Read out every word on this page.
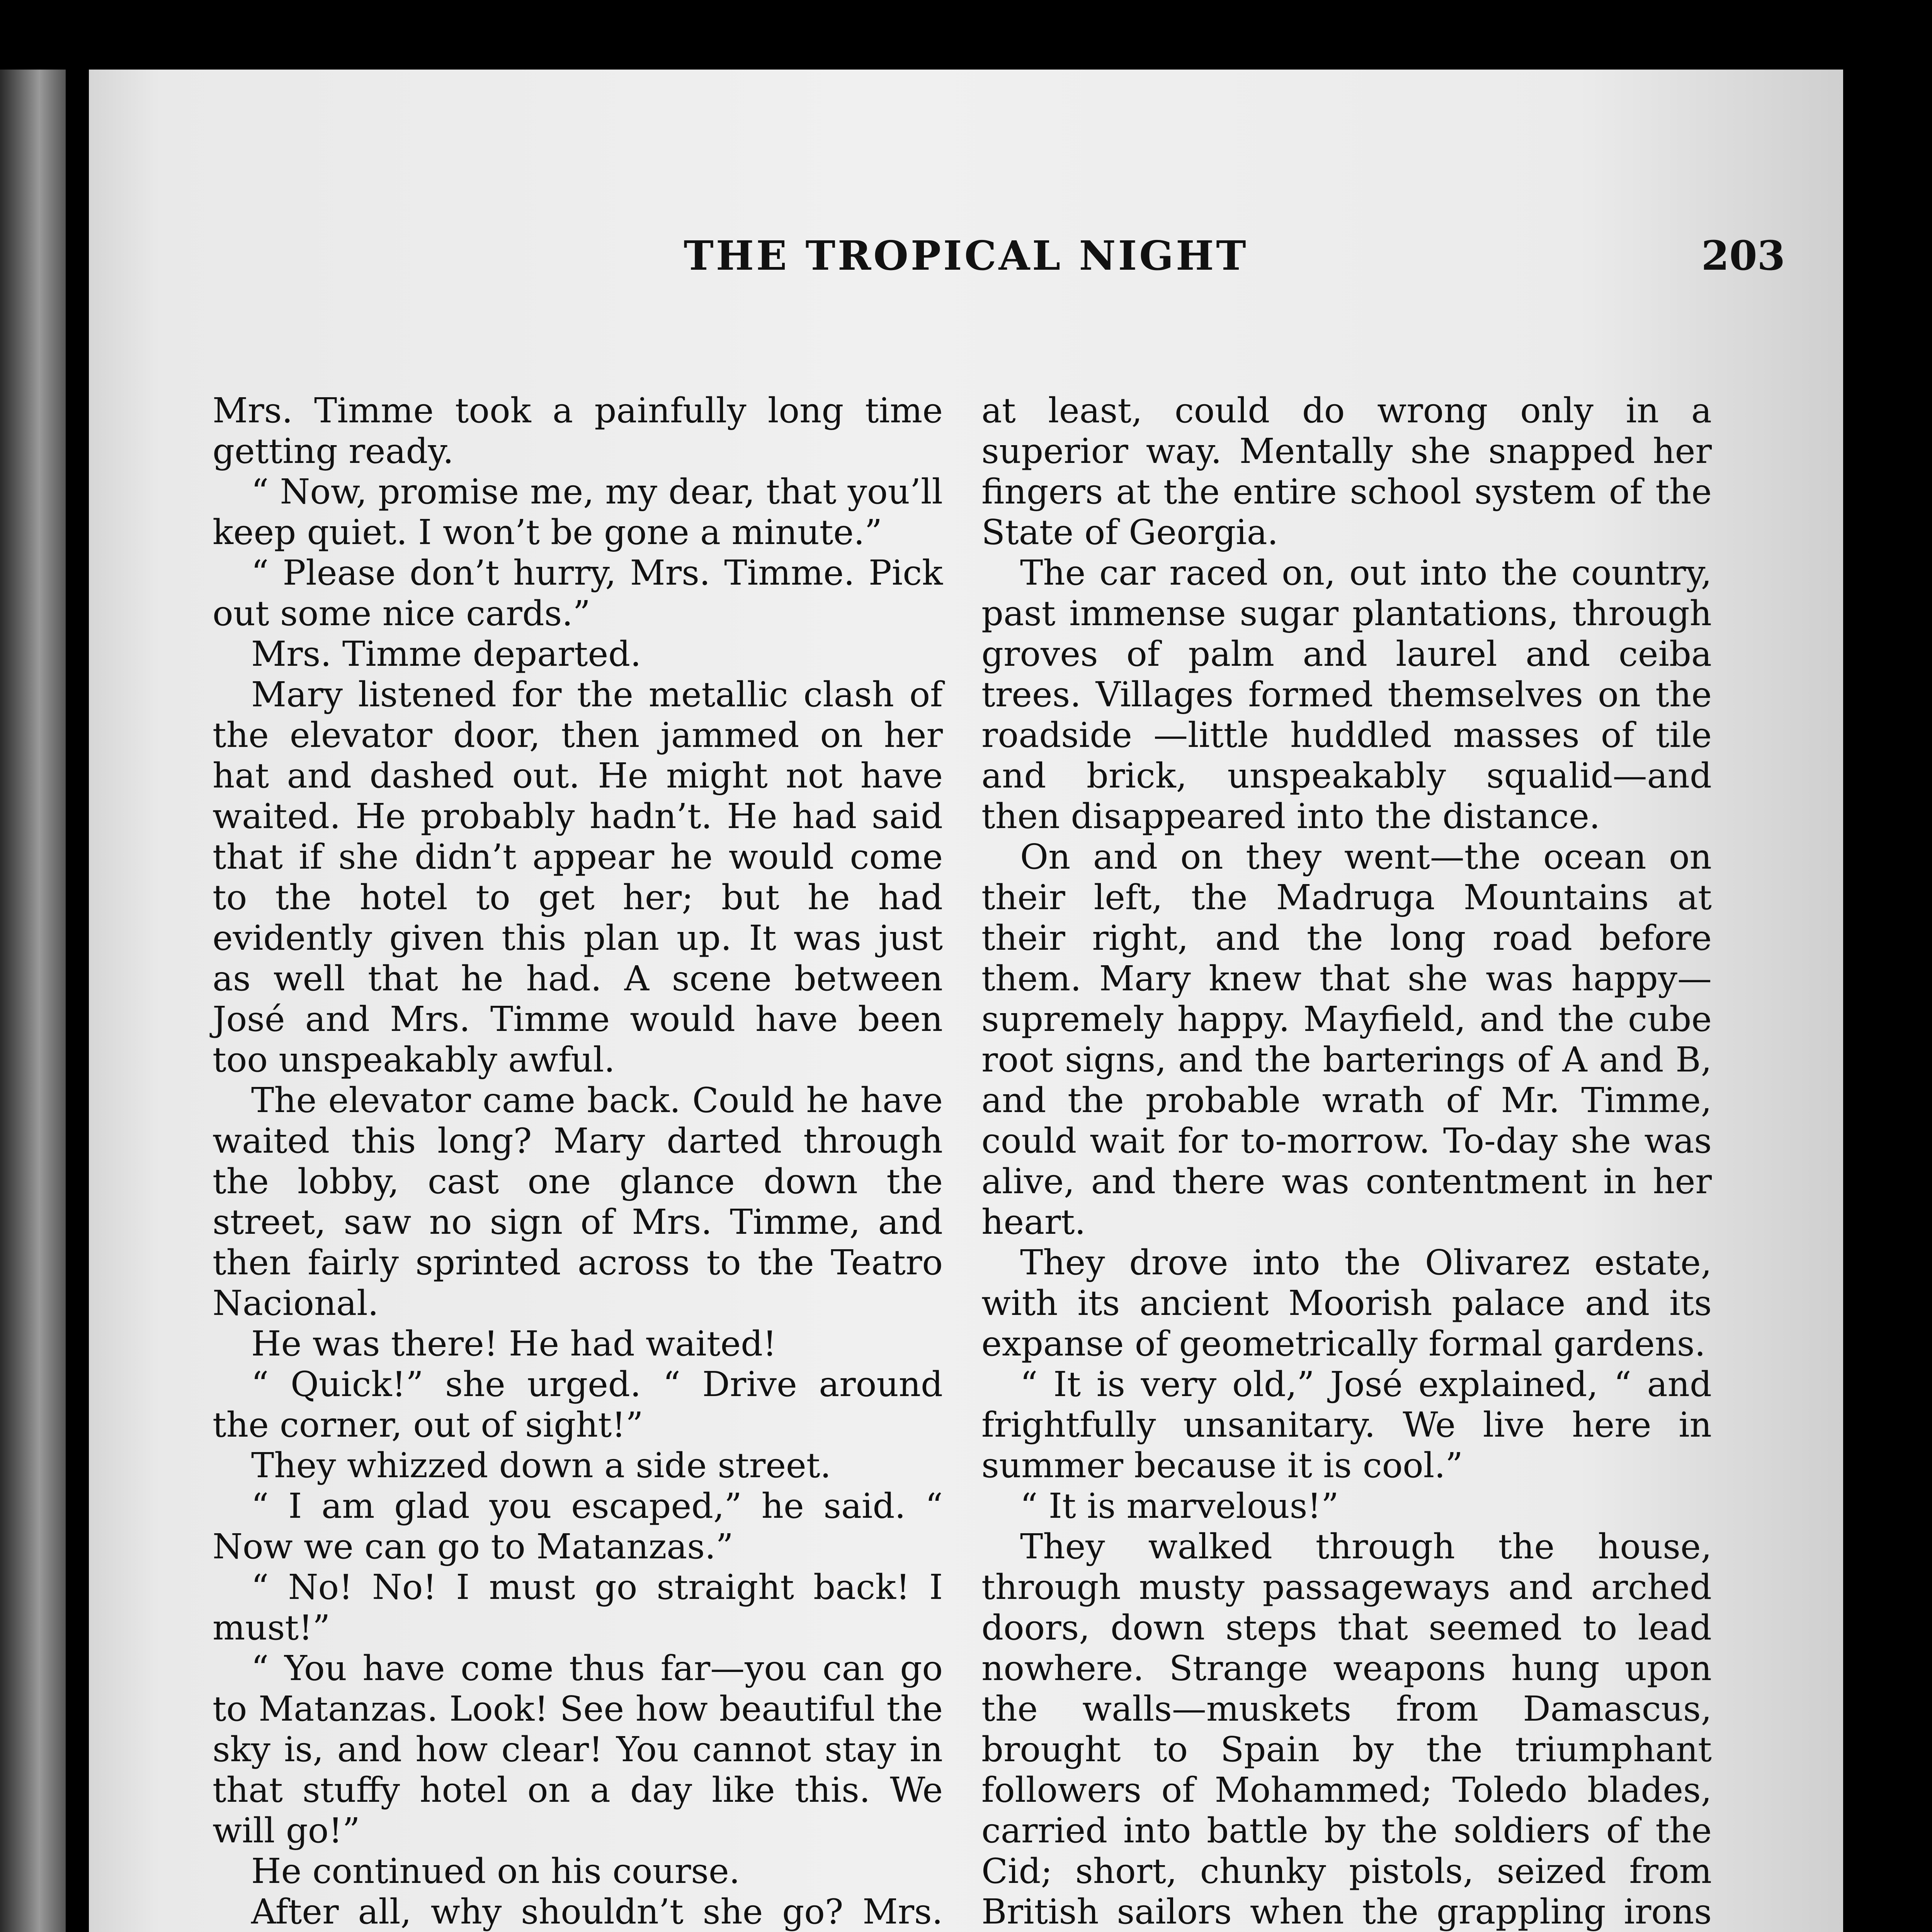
THE TROPICAL NIGHT	203

Mrs. Timme took a painfully long time getting ready.

“ Now, promise me, my dear, that you’ll keep quiet. I won’t be gone a minute.”

“ Please don’t hurry, Mrs. Timme. Pick out some nice cards.”

Mrs. Timme departed.

Mary listened for the metallic clash of the elevator door, then jammed on her hat and dashed out. He might not have waited. He probably hadn’t. He had said that if she didn’t appear he would come to the hotel to get her; but he had evidently given this plan up. It was just as well that he had. A scene between José and Mrs. Timme would have been too unspeakably awful.

The elevator came back. Could he have waited this long? Mary darted through the lobby, cast one glance down the street, saw no sign of Mrs. Timme, and then fairly sprinted across to the Teatro Nacional.

He was there! He had waited!

“ Quick!” she urged. “ Drive around the corner, out of sight!”

They whizzed down a side street.

“ I am glad you escaped,” he said. “ Now we can go to Matanzas.”

“ No! No! I must go straight back! I must!”

“ You have come thus far—you can go to Matanzas. Look! See how beautiful the sky is, and how clear! You cannot stay in that stuffy hotel on a day like this. We will go!”

He continued on his course.

After all, why shouldn’t she go? Mrs.

at least, could do wrong only in a superior way. Mentally she snapped her fingers at the entire school system of the State of Georgia.

The car raced on, out into the country, past immense sugar plantations, through groves of palm and laurel and ceiba trees. Villages formed themselves on the roadside —little huddled masses of tile and brick, unspeakably squalid—and then disappeared into the distance.

On and on they went—the ocean on their left, the Madruga Mountains at their right, and the long road before them. Mary knew that she was happy—supremely happy. Mayfield, and the cube root signs, and the barterings of A and B, and the probable wrath of Mr. Timme, could wait for to-morrow. To-day she was alive, and there was contentment in her heart.

They drove into the Olivarez estate, with its ancient Moorish palace and its expanse of geometrically formal gardens.

“ It is very old,” José explained, “ and frightfully unsanitary. We live here in summer because it is cool.”

“ It is marvelous!”

They walked through the house, through musty passageways and arched doors, down steps that seemed to lead nowhere. Strange weapons hung upon the walls—muskets from Damascus, brought to Spain by the triumphant followers of Mohammed; Toledo blades, carried into battle by the soldiers of the Cid; short, chunky pistols, seized from British sailors when the grappling irons
